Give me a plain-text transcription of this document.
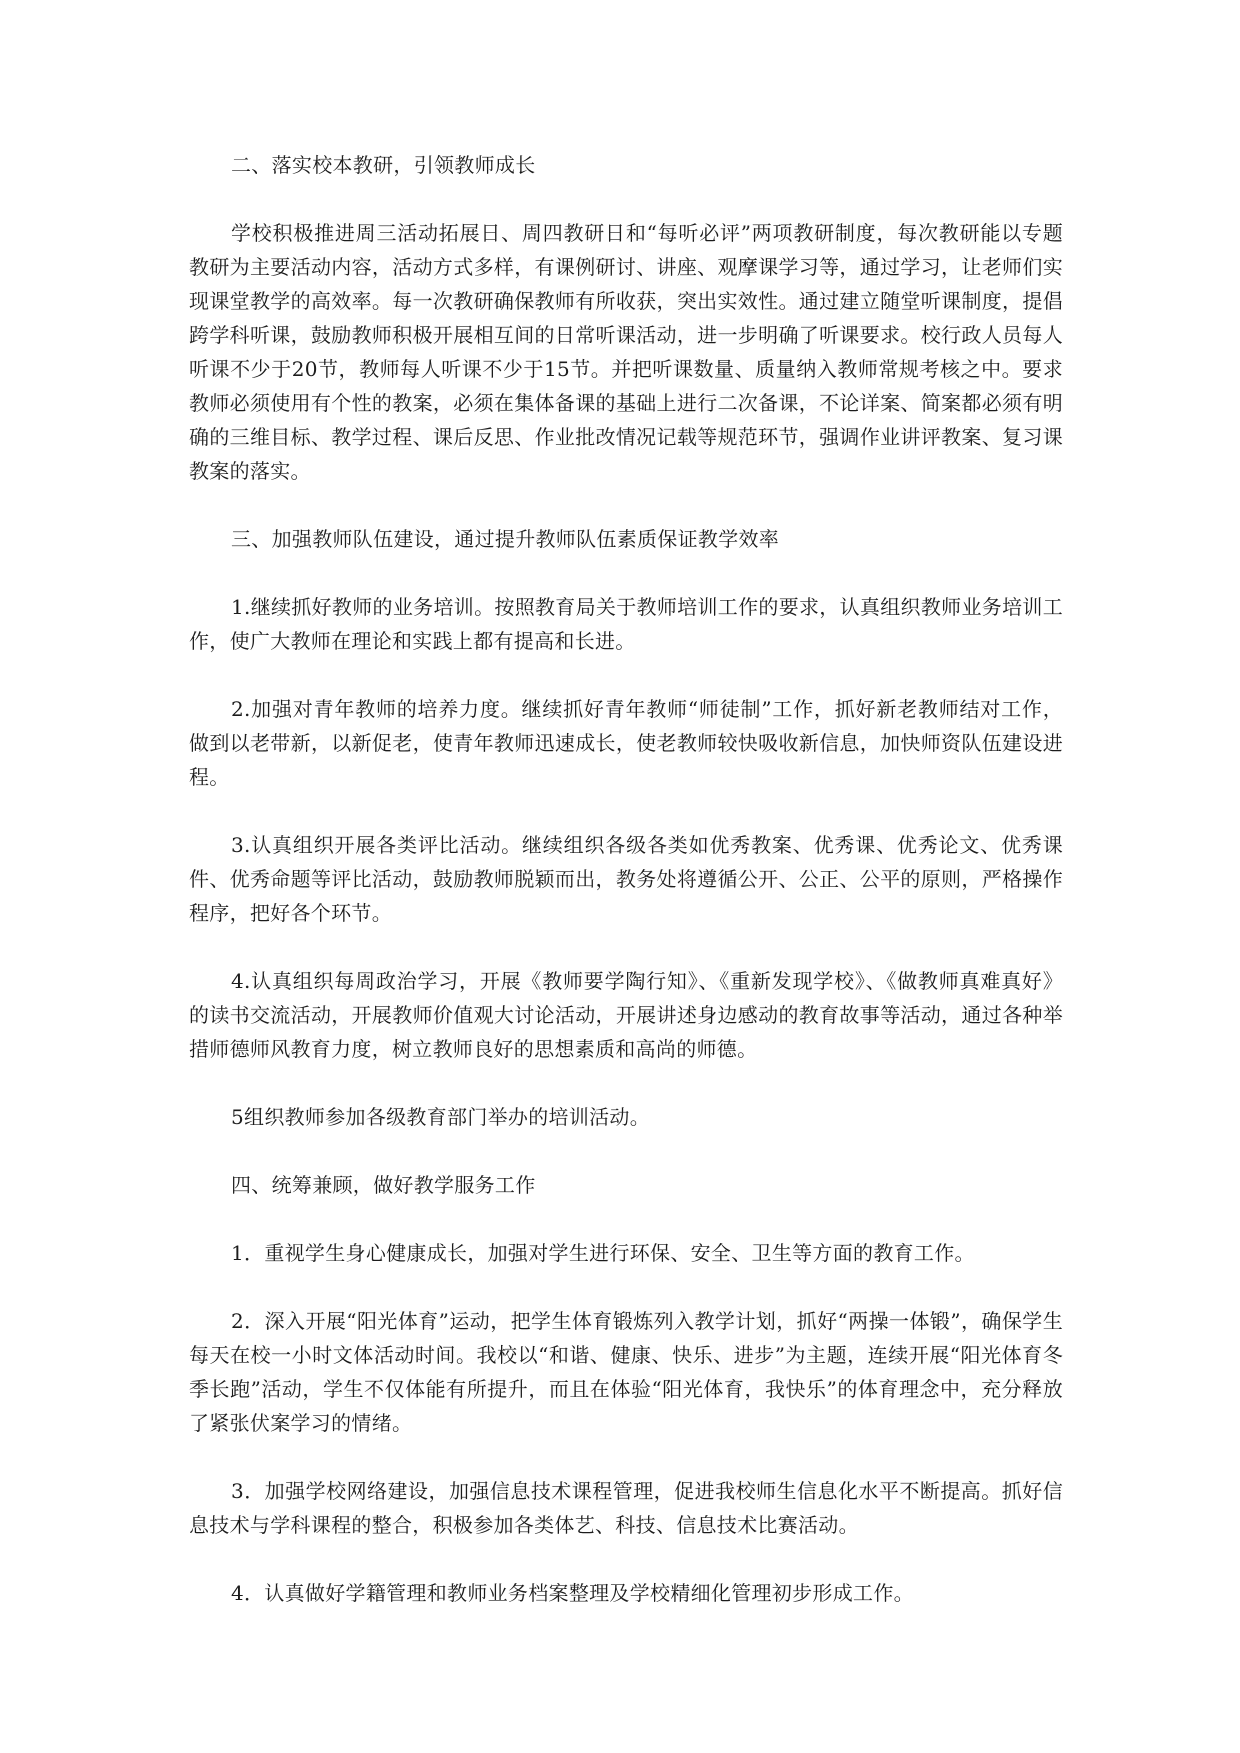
二、落实校本教研，引领教师成长

学校积极推进周三活动拓展日、周四教研日和“每听必评”两项教研制度，每次教研能以专题教研为主要活动内容，活动方式多样，有课例研讨、讲座、观摩课学习等，通过学习，让老师们实现课堂教学的高效率。每一次教研确保教师有所收获，突出实效性。通过建立随堂听课制度，提倡跨学科听课，鼓励教师积极开展相互间的日常听课活动，进一步明确了听课要求。校行政人员每人听课不少于20节，教师每人听课不少于15节。并把听课数量、质量纳入教师常规考核之中。要求教师必须使用有个性的教案，必须在集体备课的基础上进行二次备课，不论详案、简案都必须有明确的三维目标、教学过程、课后反思、作业批改情况记载等规范环节，强调作业讲评教案、复习课教案的落实。

三、加强教师队伍建设，通过提升教师队伍素质保证教学效率

1.继续抓好教师的业务培训。按照教育局关于教师培训工作的要求，认真组织教师业务培训工作，使广大教师在理论和实践上都有提高和长进。

2.加强对青年教师的培养力度。继续抓好青年教师“师徒制”工作，抓好新老教师结对工作，做到以老带新，以新促老，使青年教师迅速成长，使老教师较快吸收新信息，加快师资队伍建设进程。

3.认真组织开展各类评比活动。继续组织各级各类如优秀教案、优秀课、优秀论文、优秀课件、优秀命题等评比活动，鼓励教师脱颖而出，教务处将遵循公开、公正、公平的原则，严格操作程序，把好各个环节。

4.认真组织每周政治学习，开展《教师要学陶行知》、《重新发现学校》、《做教师真难真好》的读书交流活动，开展教师价值观大讨论活动，开展讲述身边感动的教育故事等活动，通过各种举措师德师风教育力度，树立教师良好的思想素质和高尚的师德。

5组织教师参加各级教育部门举办的培训活动。

四、统筹兼顾，做好教学服务工作

1．重视学生身心健康成长，加强对学生进行环保、安全、卫生等方面的教育工作。

2．深入开展“阳光体育”运动，把学生体育锻炼列入教学计划，抓好“两操一体锻”，确保学生每天在校一小时文体活动时间。我校以“和谐、健康、快乐、进步”为主题，连续开展“阳光体育冬季长跑”活动，学生不仅体能有所提升，而且在体验“阳光体育，我快乐”的体育理念中，充分释放了紧张伏案学习的情绪。

3．加强学校网络建设，加强信息技术课程管理，促进我校师生信息化水平不断提高。抓好信息技术与学科课程的整合，积极参加各类体艺、科技、信息技术比赛活动。

4．认真做好学籍管理和教师业务档案整理及学校精细化管理初步形成工作。
